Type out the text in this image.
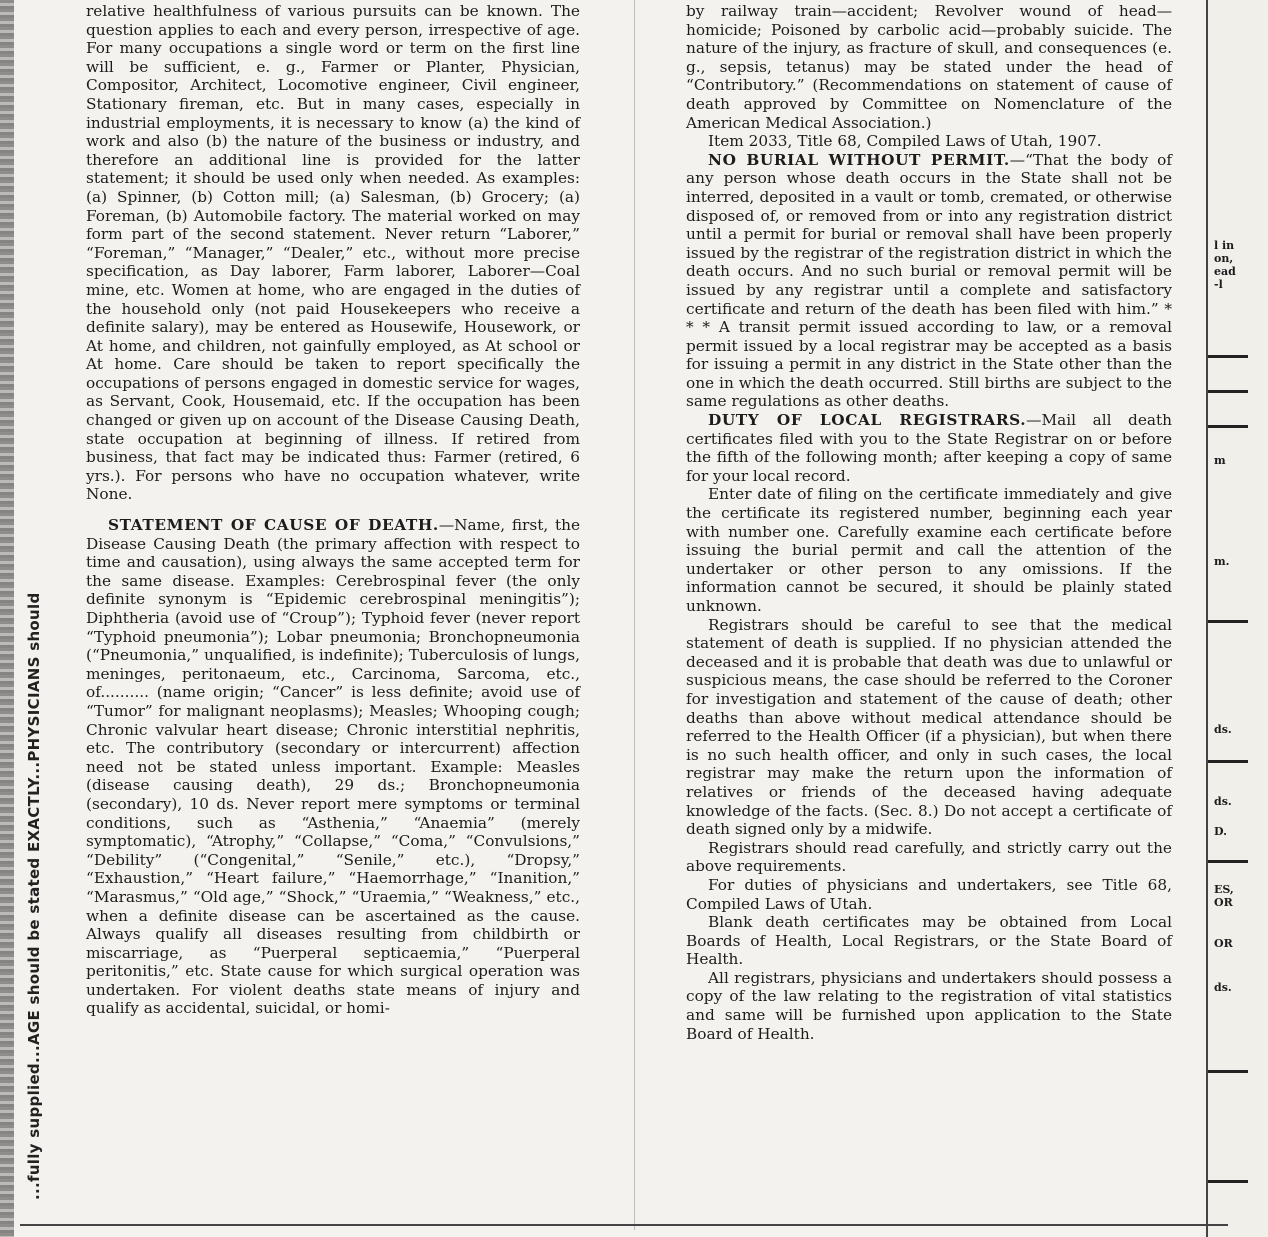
...fully supplied...AGE should be stated EXACTLY...PHYSICIANS should

relative healthfulness of various pursuits can be known. The question applies to each and every person, irrespective of age. For many occupations a single word or term on the first line will be sufficient, e. g., Farmer or Planter, Physician, Compositor, Architect, Locomotive engineer, Civil engineer, Stationary fireman, etc. But in many cases, especially in industrial employments, it is necessary to know (a) the kind of work and also (b) the nature of the business or industry, and therefore an additional line is provided for the latter statement; it should be used only when needed. As examples: (a) Spinner, (b) Cotton mill; (a) Salesman, (b) Grocery; (a) Foreman, (b) Automobile factory. The material worked on may form part of the second statement. Never return “Laborer,” “Foreman,” “Manager,” “Dealer,” etc., without more precise specification, as Day laborer, Farm laborer, Laborer—Coal mine, etc. Women at home, who are engaged in the duties of the household only (not paid Housekeepers who receive a definite salary), may be entered as Housewife, Housework, or At home, and children, not gainfully employed, as At school or At home. Care should be taken to report specifically the occupations of persons engaged in domestic service for wages, as Servant, Cook, Housemaid, etc. If the occupation has been changed or given up on account of the Disease Causing Death, state occupation at beginning of illness. If retired from business, that fact may be indicated thus: Farmer (retired, 6 yrs.). For persons who have no occupation whatever, write None.

STATEMENT OF CAUSE OF DEATH.—Name, first, the Disease Causing Death (the primary affection with respect to time and causation), using always the same accepted term for the same disease. Examples: Cerebrospinal fever (the only definite synonym is “Epidemic cerebrospinal meningitis”); Diphtheria (avoid use of “Croup”); Typhoid fever (never report “Typhoid pneumonia”); Lobar pneumonia; Bronchopneumonia (“Pneumonia,” unqualified, is indefinite); Tuberculosis of lungs, meninges, peritonaeum, etc., Carcinoma, Sarcoma, etc., of.......... (name origin; “Cancer” is less definite; avoid use of “Tumor” for malignant neoplasms); Measles; Whooping cough; Chronic valvular heart disease; Chronic interstitial nephritis, etc. The contributory (secondary or intercurrent) affection need not be stated unless important. Example: Measles (disease causing death), 29 ds.; Bronchopneumonia (secondary), 10 ds. Never report mere symptoms or terminal conditions, such as “Asthenia,” “Anaemia” (merely symptomatic), “Atrophy,” “Collapse,” “Coma,” “Convulsions,” “Debility” (“Congenital,” “Senile,” etc.), “Dropsy,” “Exhaustion,” “Heart failure,” “Haemorrhage,” “Inanition,” “Marasmus,” “Old age,” “Shock,” “Uraemia,” “Weakness,” etc., when a definite disease can be ascertained as the cause. Always qualify all diseases resulting from childbirth or miscarriage, as “Puerperal septicaemia,” “Puerperal peritonitis,” etc. State cause for which surgical operation was undertaken. For violent deaths state means of injury and qualify as accidental, suicidal, or homi-

by railway train—accident; Revolver wound of head—homicide; Poisoned by carbolic acid—probably suicide. The nature of the injury, as fracture of skull, and consequences (e. g., sepsis, tetanus) may be stated under the head of “Contributory.” (Recommendations on statement of cause of death approved by Committee on Nomenclature of the American Medical Association.)

Item 2033, Title 68, Compiled Laws of Utah, 1907.

NO BURIAL WITHOUT PERMIT.—“That the body of any person whose death occurs in the State shall not be interred, deposited in a vault or tomb, cremated, or otherwise disposed of, or removed from or into any registration district until a permit for burial or removal shall have been properly issued by the registrar of the registration district in which the death occurs. And no such burial or removal permit will be issued by any registrar until a complete and satisfactory certificate and return of the death has been filed with him.” * * * A transit permit issued according to law, or a removal permit issued by a local registrar may be accepted as a basis for issuing a permit in any district in the State other than the one in which the death occurred. Still births are subject to the same regulations as other deaths.

DUTY OF LOCAL REGISTRARS.—Mail all death certificates filed with you to the State Registrar on or before the fifth of the following month; after keeping a copy of same for your local record.

Enter date of filing on the certificate immediately and give the certificate its registered number, beginning each year with number one. Carefully examine each certificate before issuing the burial permit and call the attention of the undertaker or other person to any omissions. If the information cannot be secured, it should be plainly stated unknown.

Registrars should be careful to see that the medical statement of death is supplied. If no physician attended the deceased and it is probable that death was due to unlawful or suspicious means, the case should be referred to the Coroner for investigation and statement of the cause of death; other deaths than above without medical attendance should be referred to the Health Officer (if a physician), but when there is no such health officer, and only in such cases, the local registrar may make the return upon the information of relatives or friends of the deceased having adequate knowledge of the facts. (Sec. 8.) Do not accept a certificate of death signed only by a midwife.

Registrars should read carefully, and strictly carry out the above requirements.

For duties of physicians and undertakers, see Title 68, Compiled Laws of Utah.

Blank death certificates may be obtained from Local Boards of Health, Local Registrars, or the State Board of Health.

All registrars, physicians and undertakers should possess a copy of the law relating to the registration of vital statistics and same will be furnished upon application to the State Board of Health.

l in
on,
ead
-l
m
m.
ds.
ds.
D.
ES,
OR
OR
ds.
